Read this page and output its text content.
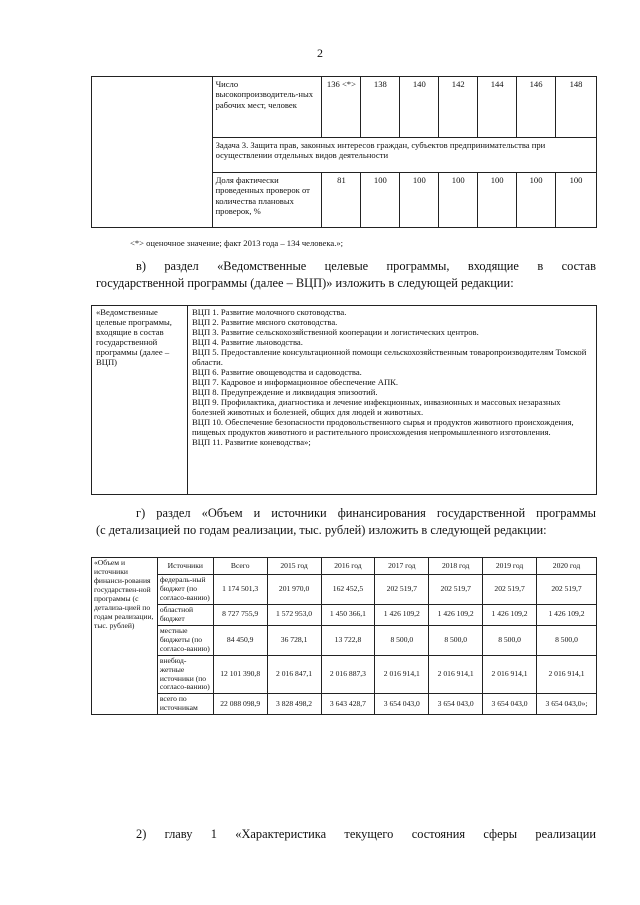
2
	Число высокопроизводитель-ных рабочих мест, человек	136 <*>	138	140	142	144	146	148
	Задача 3. Защита прав, законных интересов граждан, субъектов предпринимательства при осуществлении отдельных видов деятельности							
	Доля фактически проведенных проверок от количества плановых проверок, %	81	100	100	100	100	100	100
<*> оценочное значение; факт 2013 года – 134 человека.»;
в) раздел «Ведомственные целевые программы, входящие в состав
государственной программы (далее – ВЦП)» изложить в следующей редакции:
«Ведомственные целевые программы, входящие в состав государственной программы (далее – ВЦП)	
ВЦП 1. Развитие молочного скотоводства.
ВЦП 2. Развитие мясного скотоводства.
ВЦП 3. Развитие сельскохозяйственной кооперации и логистических центров.
ВЦП 4. Развитие льноводства.
ВЦП 5. Предоставление консультационной помощи сельскохозяйственным товаропроизводителям Томской области.
ВЦП 6. Развитие овощеводства и садоводства.
ВЦП 7. Кадровое и информационное обеспечение АПК.
ВЦП 8. Предупреждение и ликвидация эпизоотий.
ВЦП 9. Профилактика, диагностика и лечение инфекционных, инвазионных и массовых незаразных болезней животных и болезней, общих для людей и животных.
ВЦП 10. Обеспечение безопасности продовольственного сырья и продуктов животного происхождения, пищевых продуктов животного и растительного происхождения непромышленного изготовления.
ВЦП 11. Развитие коневодства»;
г) раздел «Объем и источники финансирования государственной программы
(с детализацией по годам реализации, тыс. рублей) изложить в следующей редакции:
«Объем и источники финанси-рования государствен-ной программы (с детализа-цией по годам реализации, тыс. рублей)	Источники	Всего	2015 год	2016 год	2017 год	2018 год	2019 год	2020 год
	федераль-ный бюджет (по согласо-ванию)	1 174 501,3	201 970,0	162 452,5	202 519,7	202 519,7	202 519,7	202 519,7
	областной бюджет	8 727 755,9	1 572 953,0	1 450 366,1	1 426 109,2	1 426 109,2	1 426 109,2	1 426 109,2
	местные бюджеты (по согласо-ванию)	84 450,9	36 728,1	13 722,8	8 500,0	8 500,0	8 500,0	8 500,0
	внебюд-жетные источники (по согласо-ванию)	12 101 390,8	2 016 847,1	2 016 887,3	2 016 914,1	2 016 914,1	2 016 914,1	2 016 914,1
	всего по источникам	22 088 098,9	3 828 498,2	3 643 428,7	3 654 043,0	3 654 043,0	3 654 043,0	3 654 043,0»;
2) главу 1 «Характеристика текущего состояния сферы реализации
